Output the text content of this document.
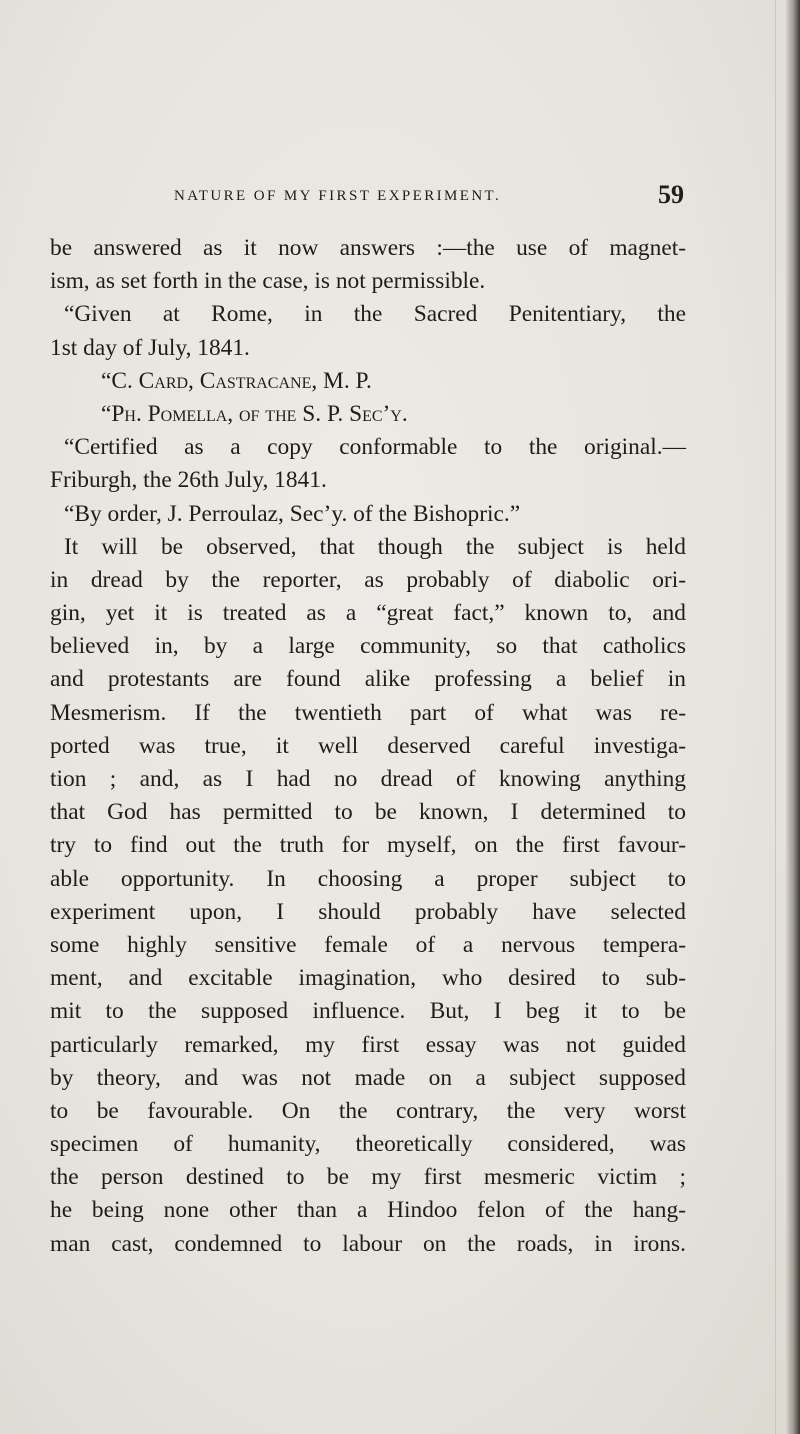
NATURE OF MY FIRST EXPERIMENT.	59
be answered as it now answers :—the use of magnet-
ism, as set forth in the case, is not permissible.
“Given at Rome, in the Sacred Penitentiary, the
1st day of July, 1841.
“C. Card, Castracane, M. P.
“Ph. Pomella, of the S. P. Sec’y.
“Certified as a copy conformable to the original.—
Friburgh, the 26th July, 1841.
“By order, J. Perroulaz, Sec’y. of the Bishopric.”
It will be observed, that though the subject is held
in dread by the reporter, as probably of diabolic ori-
gin, yet it is treated as a “great fact,” known to, and
believed in, by a large community, so that catholics
and protestants are found alike professing a belief in
Mesmerism. If the twentieth part of what was re-
ported was true, it well deserved careful investiga-
tion ; and, as I had no dread of knowing anything
that God has permitted to be known, I determined to
try to find out the truth for myself, on the first favour-
able opportunity. In choosing a proper subject to
experiment upon, I should probably have selected
some highly sensitive female of a nervous tempera-
ment, and excitable imagination, who desired to sub-
mit to the supposed influence. But, I beg it to be
particularly remarked, my first essay was not guided
by theory, and was not made on a subject supposed
to be favourable. On the contrary, the very worst
specimen of humanity, theoretically considered, was
the person destined to be my first mesmeric victim ;
he being none other than a Hindoo felon of the hang-
man cast, condemned to labour on the roads, in irons.
